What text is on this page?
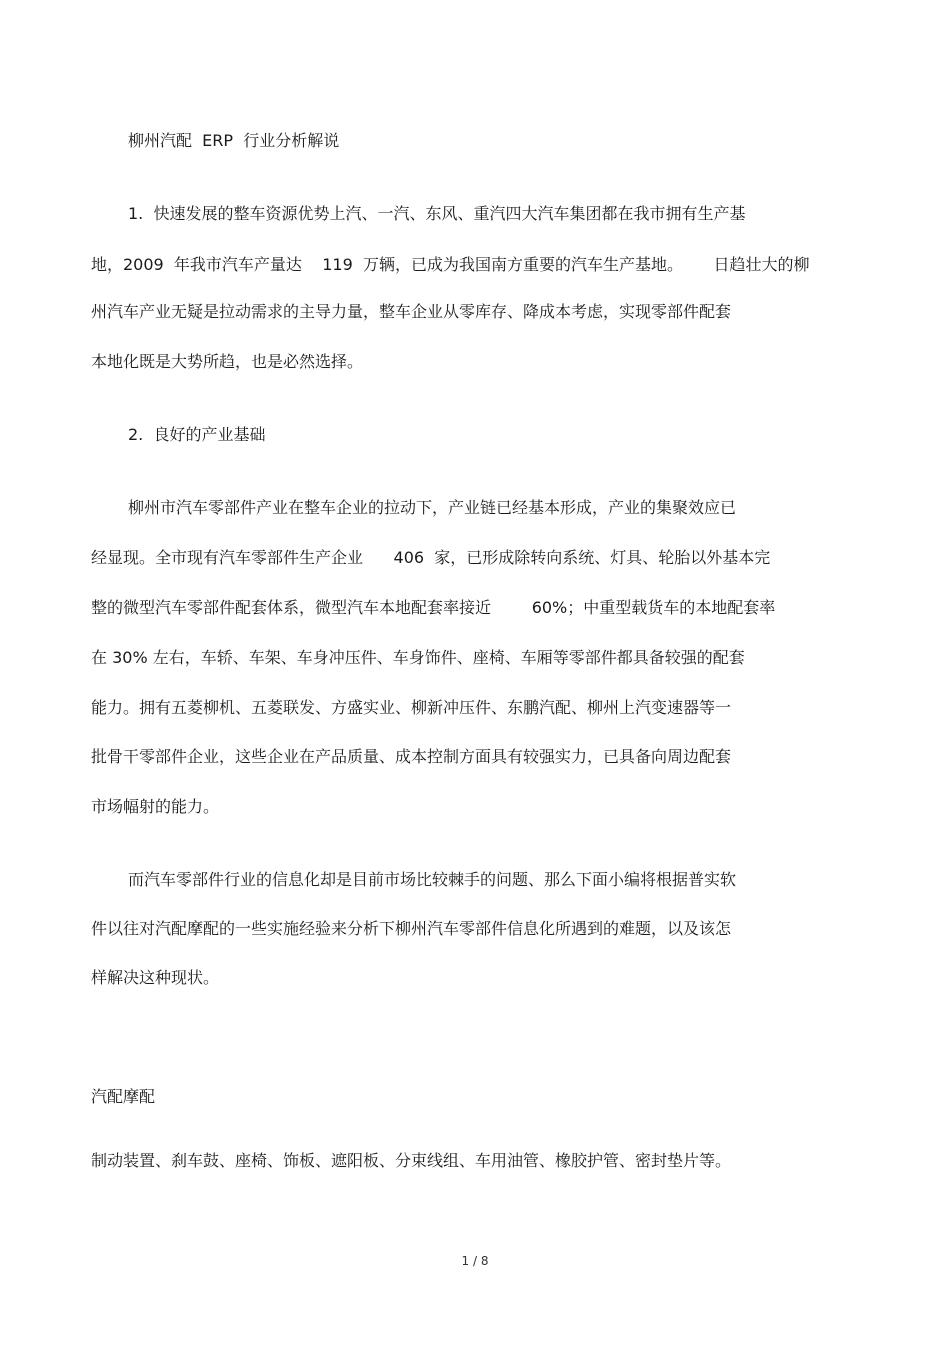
柳州汽配  ERP  行业分析解说
1.  快速发展的整车资源优势上汽、一汽、东风、重汽四大汽车集团都在我市拥有生产基
地，2009  年我市汽车产量达    119  万辆，已成为我国南方重要的汽车生产基地。      日趋壮大的柳
州汽车产业无疑是拉动需求的主导力量，整车企业从零库存、降成本考虑，实现零部件配套
本地化既是大势所趋，也是必然选择。
2.  良好的产业基础
柳州市汽车零部件产业在整车企业的拉动下，产业链已经基本形成，产业的集聚效应已
经显现。全市现有汽车零部件生产企业      406  家，已形成除转向系统、灯具、轮胎以外基本完
整的微型汽车零部件配套体系，微型汽车本地配套率接近        60%；中重型载货车的本地配套率
在 30% 左右，车轿、车架、车身冲压件、车身饰件、座椅、车厢等零部件都具备较强的配套
能力。拥有五菱柳机、五菱联发、方盛实业、柳新冲压件、东鹏汽配、柳州上汽变速器等一
批骨干零部件企业，这些企业在产品质量、成本控制方面具有较强实力，已具备向周边配套
市场幅射的能力。
而汽车零部件行业的信息化却是目前市场比较棘手的问题、那么下面小编将根据普实软
件以往对汽配摩配的一些实施经验来分析下柳州汽车零部件信息化所遇到的难题，以及该怎
样解决这种现状。
汽配摩配
制动装置、刹车鼓、座椅、饰板、遮阳板、分束线组、车用油管、橡胶护管、密封垫片等。
1 / 8
